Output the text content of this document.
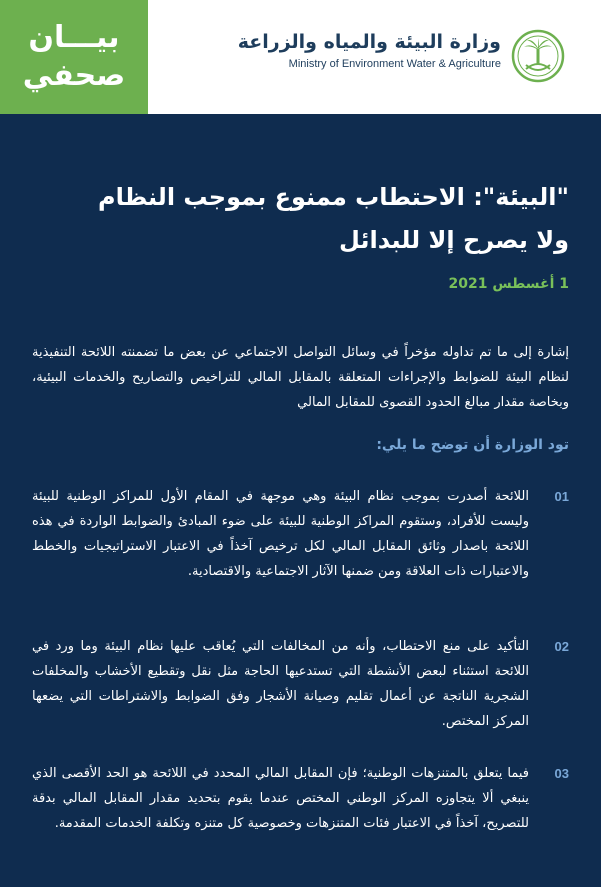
بيـــان
صحفي
وزارة البيئة والمياه والزراعة
Ministry of Environment Water & Agriculture
"البيئة": الاحتطاب ممنوع بموجب النظام
ولا يصرح إلا للبدائل
1 أغسطس 2021
إشارة إلى ما تم تداوله مؤخراً في وسائل التواصل الاجتماعي عن بعض ما تضمنته اللائحة التنفيذية لنظام البيئة للضوابط والإجراءات المتعلقة بالمقابل المالي للتراخيص والتصاريح والخدمات البيئية، وبخاصة مقدار مبالغ الحدود القصوى للمقابل المالي
تود الوزارة أن توضح ما يلي:
01
اللائحة أصدرت بموجب نظام البيئة وهي موجهة في المقام الأول للمراكز الوطنية للبيئة وليست للأفراد، وستقوم المراكز الوطنية للبيئة على ضوء المبادئ والضوابط الواردة في هذه اللائحة باصدار وثائق المقابل المالي لكل ترخيص آخذاً في الاعتبار الاستراتيجيات والخطط والاعتبارات ذات العلاقة ومن ضمنها الآثار الاجتماعية والاقتصادية.
02
التأكيد على منع الاحتطاب، وأنه من المخالفات التي يُعاقب عليها نظام البيئة وما ورد في اللائحة استثناء لبعض الأنشطة التي تستدعيها الحاجة مثل نقل وتقطيع الأخشاب والمخلفات الشجرية الناتجة عن أعمال تقليم وصيانة الأشجار وفق الضوابط والاشتراطات التي يضعها المركز المختص.
03
فيما يتعلق بالمتنزهات الوطنية؛ فإن المقابل المالي المحدد في اللائحة هو الحد الأقصى الذي ينبغي ألا يتجاوزه المركز الوطني المختص عندما يقوم بتحديد مقدار المقابل المالي بدقة للتصريح، آخذاً في الاعتبار فئات المتنزهات وخصوصية كل متنزه وتكلفة الخدمات المقدمة.
